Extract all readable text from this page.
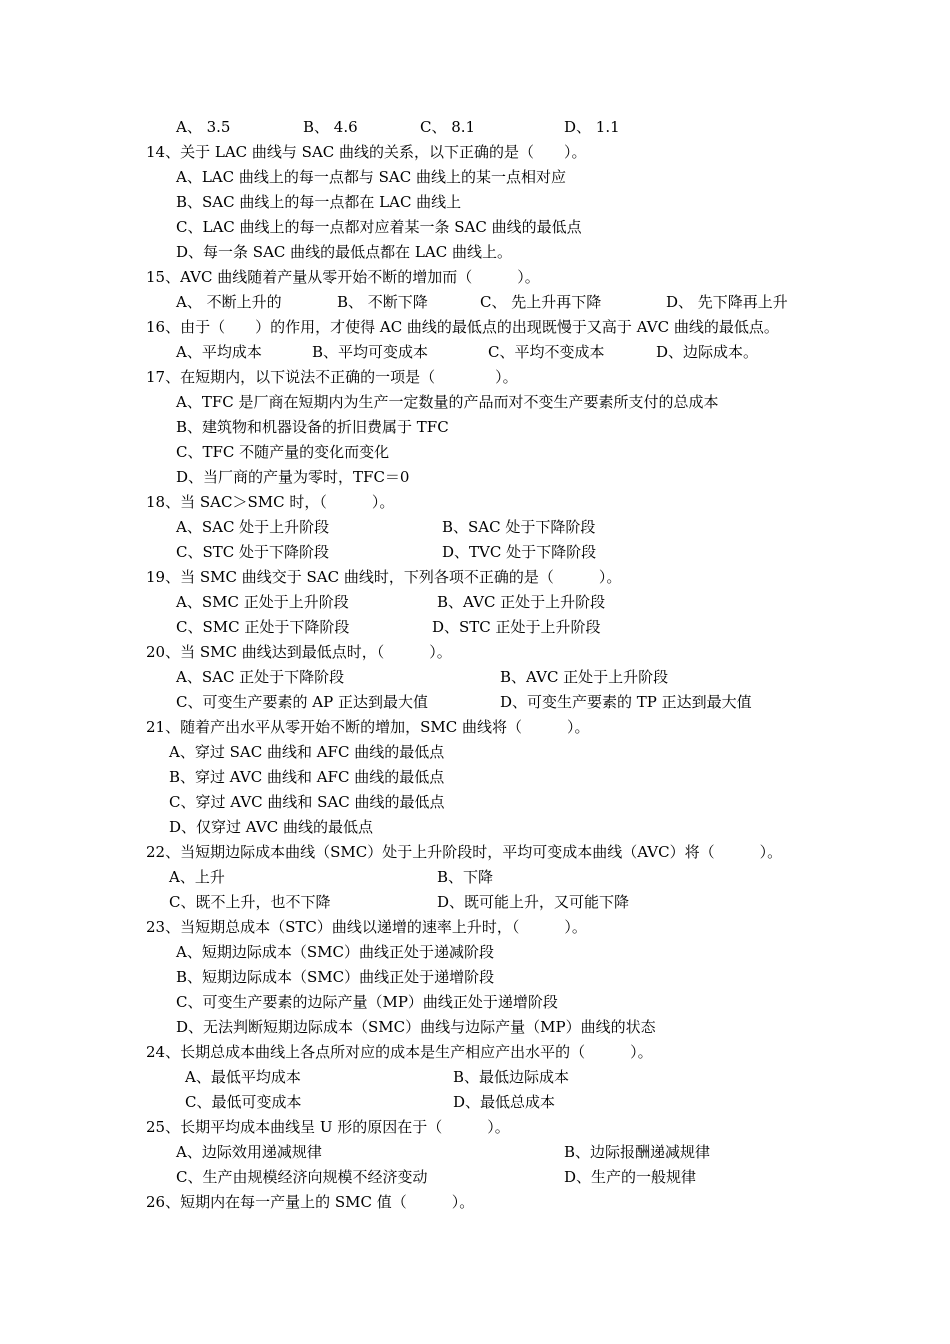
A、 3.5	B、 4.6	C、 8.1	D、 1.1
14、关于 LAC 曲线与 SAC 曲线的关系，以下正确的是（　　）。
A、LAC 曲线上的每一点都与 SAC 曲线上的某一点相对应
B、SAC 曲线上的每一点都在 LAC 曲线上
C、LAC 曲线上的每一点都对应着某一条 SAC 曲线的最低点
D、每一条 SAC 曲线的最低点都在 LAC 曲线上。
15、AVC 曲线随着产量从零开始不断的增加而（　　　）。
A、 不断上升的	B、 不断下降	C、 先上升再下降	D、 先下降再上升
16、由于（　　）的作用，才使得 AC 曲线的最低点的出现既慢于又高于 AVC 曲线的最低点。
A、平均成本	B、平均可变成本	C、平均不变成本	D、边际成本。
17、在短期内，以下说法不正确的一项是（　　　　）。
A、TFC 是厂商在短期内为生产一定数量的产品而对不变生产要素所支付的总成本
B、建筑物和机器设备的折旧费属于 TFC
C、TFC 不随产量的变化而变化
D、当厂商的产量为零时，TFC＝0
18、当 SAC＞SMC 时，（　　　）。
A、SAC 处于上升阶段	B、SAC 处于下降阶段
C、STC 处于下降阶段	D、TVC 处于下降阶段
19、当 SMC 曲线交于 SAC 曲线时，下列各项不正确的是（　　　）。
A、SMC 正处于上升阶段	B、AVC 正处于上升阶段
C、SMC 正处于下降阶段	D、STC 正处于上升阶段
20、当 SMC 曲线达到最低点时，（　　　）。
A、SAC 正处于下降阶段	B、AVC 正处于上升阶段
C、可变生产要素的 AP 正达到最大值	D、可变生产要素的 TP 正达到最大值
21、随着产出水平从零开始不断的增加，SMC 曲线将（　　　）。
A、穿过 SAC 曲线和 AFC 曲线的最低点
B、穿过 AVC 曲线和 AFC 曲线的最低点
C、穿过 AVC 曲线和 SAC 曲线的最低点
D、仅穿过 AVC 曲线的最低点
22、当短期边际成本曲线（SMC）处于上升阶段时，平均可变成本曲线（AVC）将（　　　）。
A、上升	B、下降
C、既不上升，也不下降	D、既可能上升，又可能下降
23、当短期总成本（STC）曲线以递增的速率上升时，（　　　）。
A、短期边际成本（SMC）曲线正处于递减阶段
B、短期边际成本（SMC）曲线正处于递增阶段
C、可变生产要素的边际产量（MP）曲线正处于递增阶段
D、无法判断短期边际成本（SMC）曲线与边际产量（MP）曲线的状态
24、长期总成本曲线上各点所对应的成本是生产相应产出水平的（　　　）。
A、最低平均成本	B、最低边际成本
C、最低可变成本	D、最低总成本
25、长期平均成本曲线呈 U 形的原因在于（　　　）。
A、边际效用递减规律	B、边际报酬递减规律
C、生产由规模经济向规模不经济变动	D、生产的一般规律
26、短期内在每一产量上的 SMC 值（　　　）。
